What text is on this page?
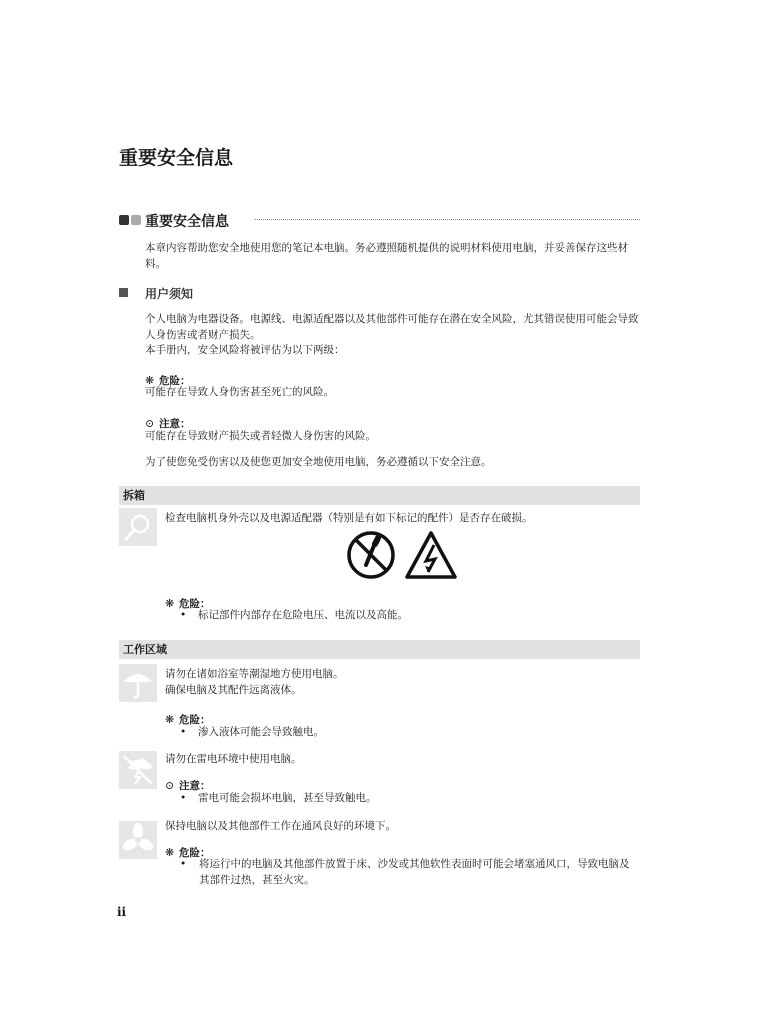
重要安全信息
重要安全信息
本章内容帮助您安全地使用您的笔记本电脑。务必遵照随机提供的说明材料使用电脑，并妥善保存这些材料。
用户须知
个人电脑为电器设备。电源线、电源适配器以及其他部件可能存在潜在安全风险，尤其错误使用可能会导致人身伤害或者财产损失。
本手册内，安全风险将被评估为以下两级：
❋ 危险：
可能存在导致人身伤害甚至死亡的风险。
⊙ 注意：
可能存在导致财产损失或者轻微人身伤害的风险。
为了使您免受伤害以及使您更加安全地使用电脑，务必遵循以下安全注意。
拆箱
检查电脑机身外壳以及电源适配器（特别是有如下标记的配件）是否存在破损。
❋ 危险：
• 标记部件内部存在危险电压、电流以及高能。
工作区域
请勿在诸如浴室等潮湿地方使用电脑。
确保电脑及其配件远离液体。
❋ 危险：
• 渗入液体可能会导致触电。
请勿在雷电环境中使用电脑。
⊙ 注意：
• 雷电可能会损坏电脑，甚至导致触电。
保持电脑以及其他部件工作在通风良好的环境下。
❋ 危险：
•	将运行中的电脑及其他部件放置于床、沙发或其他软性表面时可能会堵塞通风口，导致电脑及其部件过热，甚至火灾。
ii
